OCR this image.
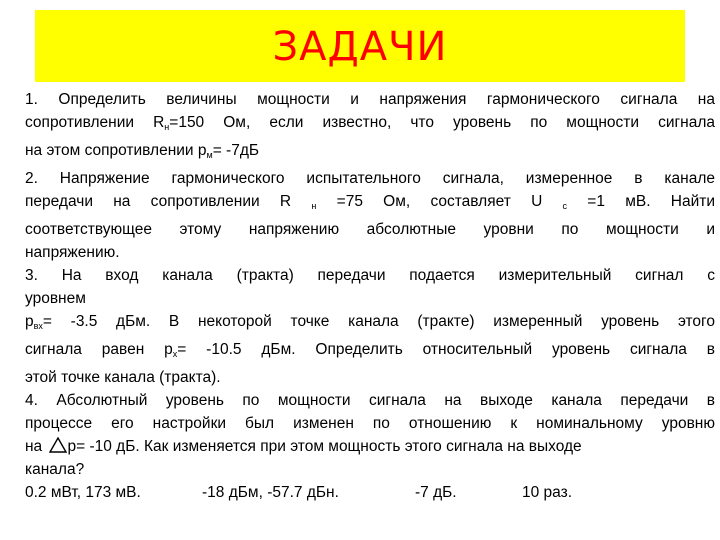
ЗАДАЧИ

1. Определить величины мощности и напряжения гармонического сигнала на

сопротивлении $R_н=150$ Ом, если известно, что уровень по мощности сигнала

на этом сопротивлении $p_м= -7дБ$

2. Напряжение гармонического испытательного сигнала, измеренное в канале

передачи на сопротивлении R $_н$ =75 Ом, составляет U $_с$ =1 мВ. Найти

соответствующее этому напряжению абсолютные уровни по мощности и

напряжению.

3. На вход канала (тракта) передачи подается измерительный сигнал с

уровнем

$p_{вх}= -3.5$ дБм. В некоторой точке канала (тракте) измеренный уровень этого

сигнала равен $p_х= -10.5$ дБм. Определить относительный уровень сигнала в

этой точке канала (тракта).

4. Абсолютный уровень по мощности сигнала на выходе канала передачи в

процессе его настройки был изменен по отношению к номинальному уровню

на p= -10 дБ. Как изменяется при этом мощность этого сигнала на выходе

канала?

0.2 мВт, 173 мВ.	-18 дБм, -57.7 дБн.	-7 дБ.	10 раз.
